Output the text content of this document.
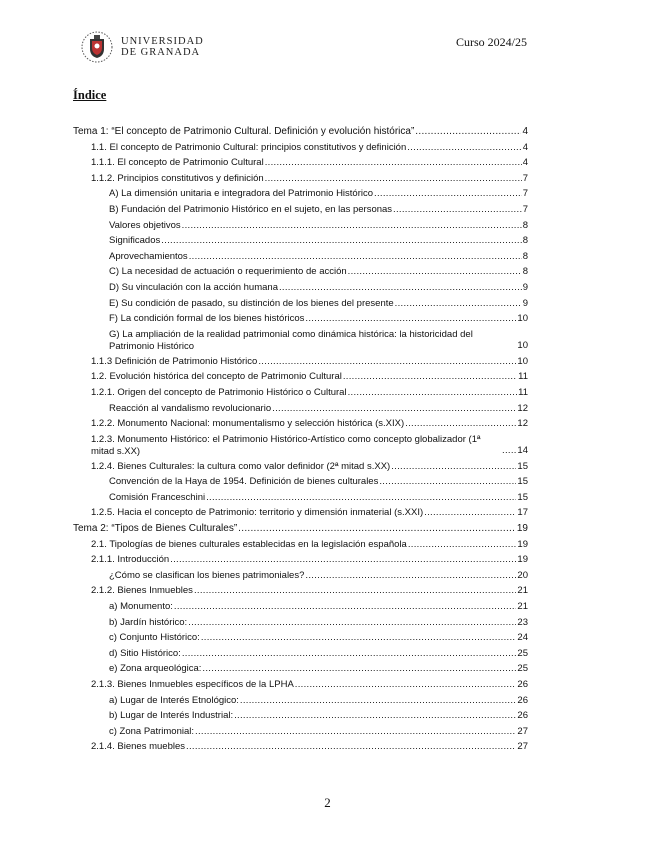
UNIVERSIDAD
DE GRANADA
Curso 2024/25
Índice
Tema 1: “El concepto de Patrimonio Cultural. Definición y evolución histórica” .....	4
1.1. El concepto de Patrimonio Cultural: principios constitutivos y definición .....	4
1.1.1. El concepto de Patrimonio Cultural .....	4
1.1.2. Principios constitutivos y definición .....	7
A) La dimensión unitaria e integradora del Patrimonio Histórico .....	7
B) Fundación del Patrimonio Histórico en el sujeto, en las personas .....	7
Valores objetivos .....	8
Significados .....	8
Aprovechamientos .....	8
C) La necesidad de actuación o requerimiento de acción .....	8
D) Su vinculación con la acción humana .....	9
E) Su condición de pasado, su distinción de los bienes del presente .....	9
F) La condición formal de los bienes históricos .....	10
G) La ampliación de la realidad patrimonial como dinámica histórica: la historicidad del Patrimonio Histórico	10
1.1.3 Definición de Patrimonio Histórico .....	10
1.2. Evolución histórica del concepto de Patrimonio Cultural .....	11
1.2.1. Origen del concepto de Patrimonio Histórico o Cultural .....	11
Reacción al vandalismo revolucionario .....	12
1.2.2. Monumento Nacional: monumentalismo y selección histórica (s.XIX) .....	12
1.2.3. Monumento Histórico: el Patrimonio Histórico-Artístico como concepto globalizador (1ª mitad s.XX) .....	14
1.2.4. Bienes Culturales: la cultura como valor definidor (2ª mitad s.XX) .....	15
Convención de la Haya de 1954. Definición de bienes culturales .....	15
Comisión Franceschini .....	15
1.2.5. Hacia el concepto de Patrimonio: territorio y dimensión inmaterial (s.XXI) .....	17
Tema 2: “Tipos de Bienes Culturales” .....	19
2.1. Tipologías de bienes culturales establecidas en la legislación española .....	19
2.1.1. Introducción .....	19
¿Cómo se clasifican los bienes patrimoniales? .....	20
2.1.2. Bienes Inmuebles .....	21
a) Monumento: .....	21
b) Jardín histórico: .....	23
c) Conjunto Histórico: .....	24
d) Sitio Histórico: .....	25
e) Zona arqueológica: .....	25
2.1.3. Bienes Inmuebles específicos de la LPHA .....	26
a) Lugar de Interés Etnológico: .....	26
b) Lugar de Interés Industrial: .....	26
c) Zona Patrimonial: .....	27
2.1.4. Bienes muebles .....	27
2
